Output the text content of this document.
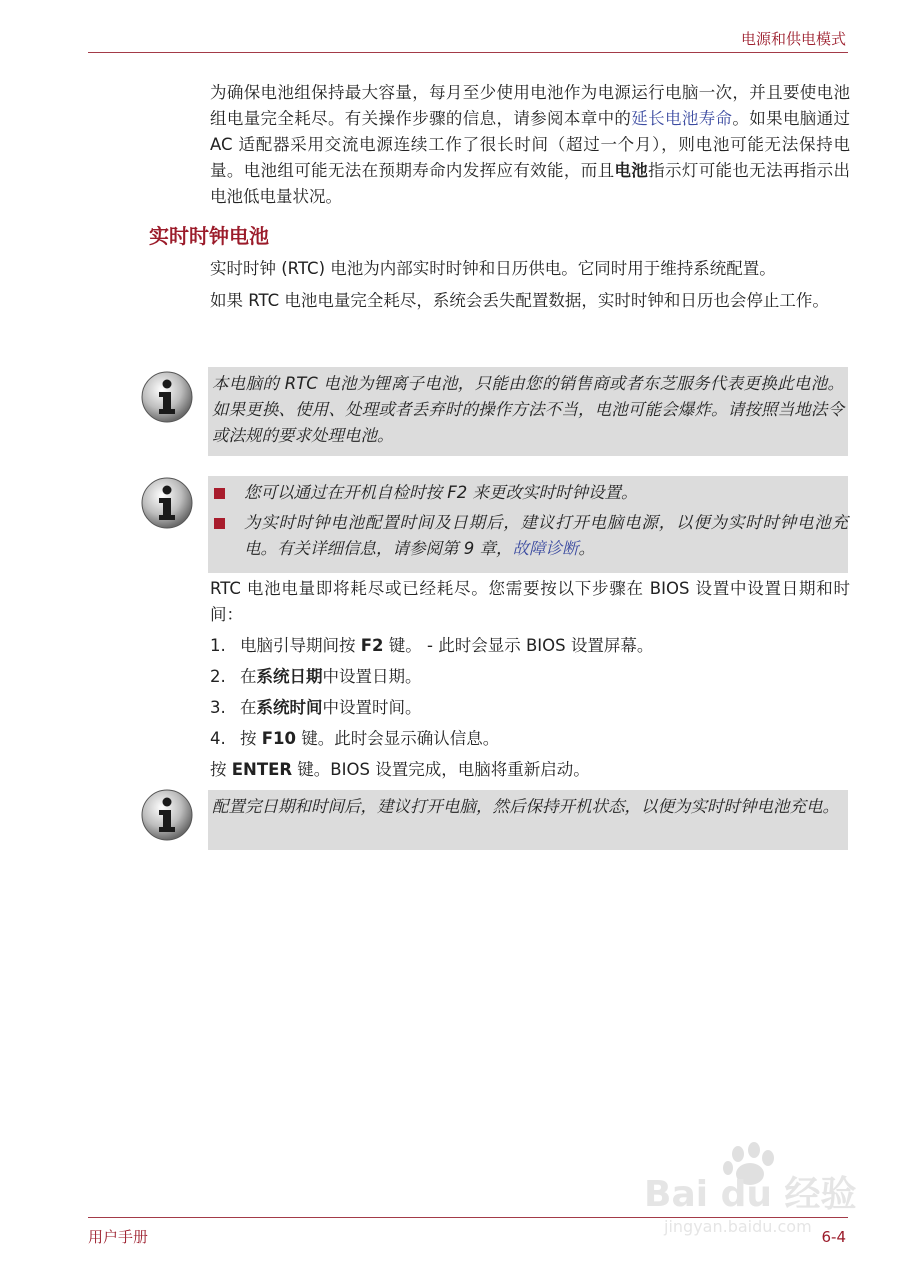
电源和供电模式

为确保电池组保持最大容量，每月至少使用电池作为电源运行电脑一次，并且要使电池组电量完全耗尽。有关操作步骤的信息，请参阅本章中的延长电池寿命。如果电脑通过 AC 适配器采用交流电源连续工作了很长时间（超过一个月），则电池可能无法保持电量。电池组可能无法在预期寿命内发挥应有效能，而且电池指示灯可能也无法再指示出电池低电量状况。

实时时钟电池

实时时钟 (RTC) 电池为内部实时时钟和日历供电。它同时用于维持系统配置。

如果 RTC 电池电量完全耗尽，系统会丢失配置数据，实时时钟和日历也会停止工作。

本电脑的 RTC 电池为锂离子电池，只能由您的销售商或者东芝服务代表更换此电池。如果更换、使用、处理或者丢弃时的操作方法不当，电池可能会爆炸。请按照当地法令或法规的要求处理电池。

您可以通过在开机自检时按 F2 来更改实时时钟设置。
为实时时钟电池配置时间及日期后，建议打开电脑电源，以便为实时时钟电池充电。有关详细信息，请参阅第 9 章，故障诊断。

RTC 电池电量即将耗尽或已经耗尽。您需要按以下步骤在 BIOS 设置中设置日期和时间：

1. 电脑引导期间按 F2 键。 - 此时会显示 BIOS 设置屏幕。
2. 在系统日期中设置日期。
3. 在系统时间中设置时间。
4. 按 F10 键。此时会显示确认信息。

按 ENTER 键。BIOS 设置完成，电脑将重新启动。

配置完日期和时间后，建议打开电脑，然后保持开机状态，以便为实时时钟电池充电。

Bai du 经验
jingyan.baidu.com
用户手册	6-4
